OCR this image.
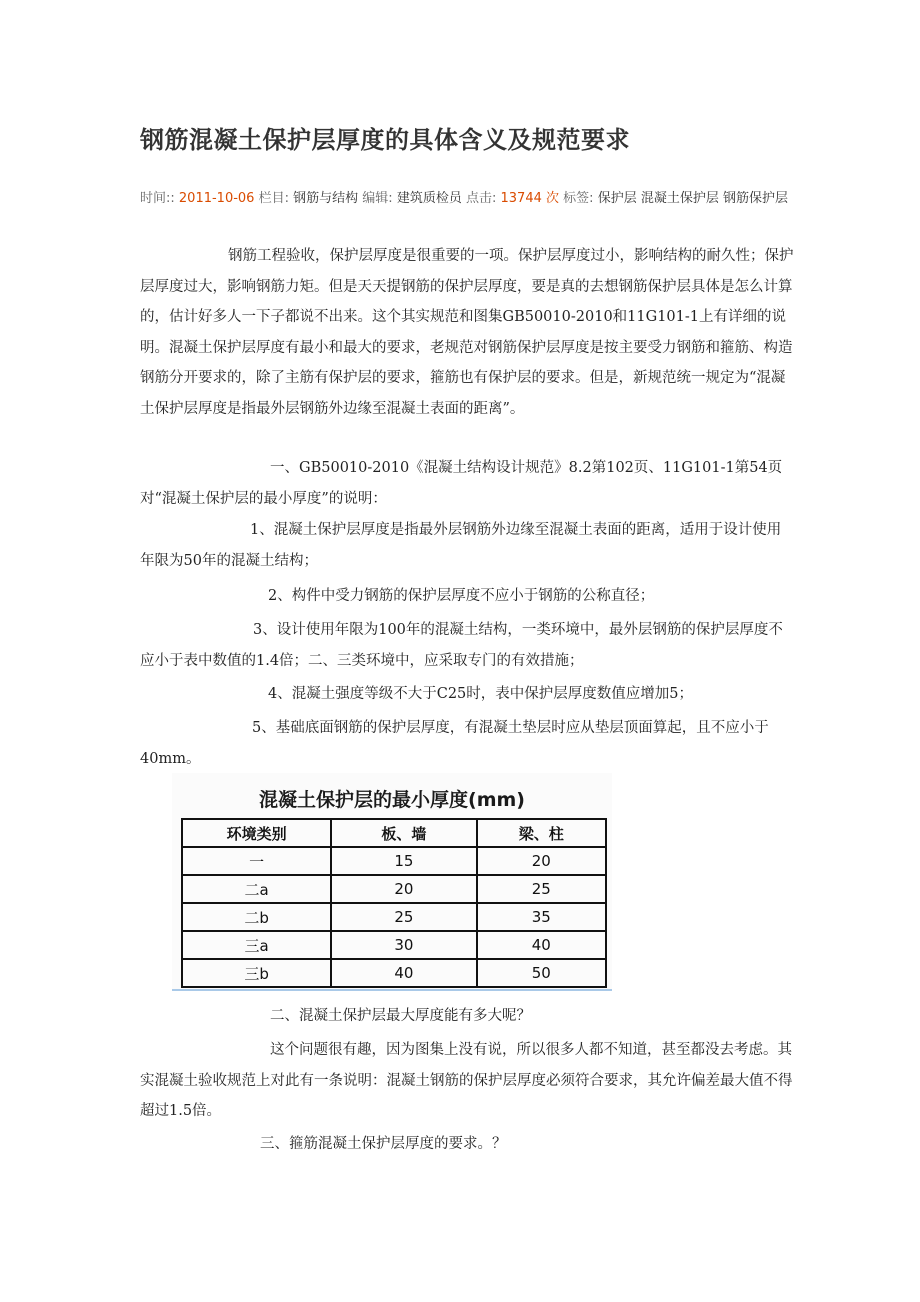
钢筋混凝土保护层厚度的具体含义及规范要求
时间:: 2011-10-06 栏目: 钢筋与结构 编辑: 建筑质检员 点击: 13744 次 标签: 保护层 混凝土保护层 钢筋保护层

钢筋工程验收，保护层厚度是很重要的一项。保护层厚度过小，影响结构的耐久性；保护层厚度过大，影响钢筋力矩。但是天天提钢筋的保护层厚度，要是真的去想钢筋保护层具体是怎么计算的，估计好多人一下子都说不出来。这个其实规范和图集GB50010-2010和11G101-1上有详细的说明。混凝土保护层厚度有最小和最大的要求，老规范对钢筋保护层厚度是按主要受力钢筋和箍筋、构造钢筋分开要求的，除了主筋有保护层的要求，箍筋也有保护层的要求。但是，新规范统一规定为“混凝土保护层厚度是指最外层钢筋外边缘至混凝土表面的距离”。

一、GB50010-2010《混凝土结构设计规范》8.2第102页、11G101-1第54页对“混凝土保护层的最小厚度”的说明：

1、混凝土保护层厚度是指最外层钢筋外边缘至混凝土表面的距离，适用于设计使用年限为50年的混凝土结构；

2、构件中受力钢筋的保护层厚度不应小于钢筋的公称直径；

3、设计使用年限为100年的混凝土结构，一类环境中，最外层钢筋的保护层厚度不应小于表中数值的1.4倍；二、三类环境中，应采取专门的有效措施；

4、混凝土强度等级不大于C25时，表中保护层厚度数值应增加5；

5、基础底面钢筋的保护层厚度，有混凝土垫层时应从垫层顶面算起，且不应小于40mm。

混凝土保护层的最小厚度(mm)
环境类别	板、墙	梁、柱
一	15	20
二a	20	25
二b	25	35
三a	30	40
三b	40	50

二、混凝土保护层最大厚度能有多大呢？

这个问题很有趣，因为图集上没有说，所以很多人都不知道，甚至都没去考虑。其实混凝土验收规范上对此有一条说明：混凝土钢筋的保护层厚度必须符合要求，其允许偏差最大值不得超过1.5倍。

三、箍筋混凝土保护层厚度的要求。？
